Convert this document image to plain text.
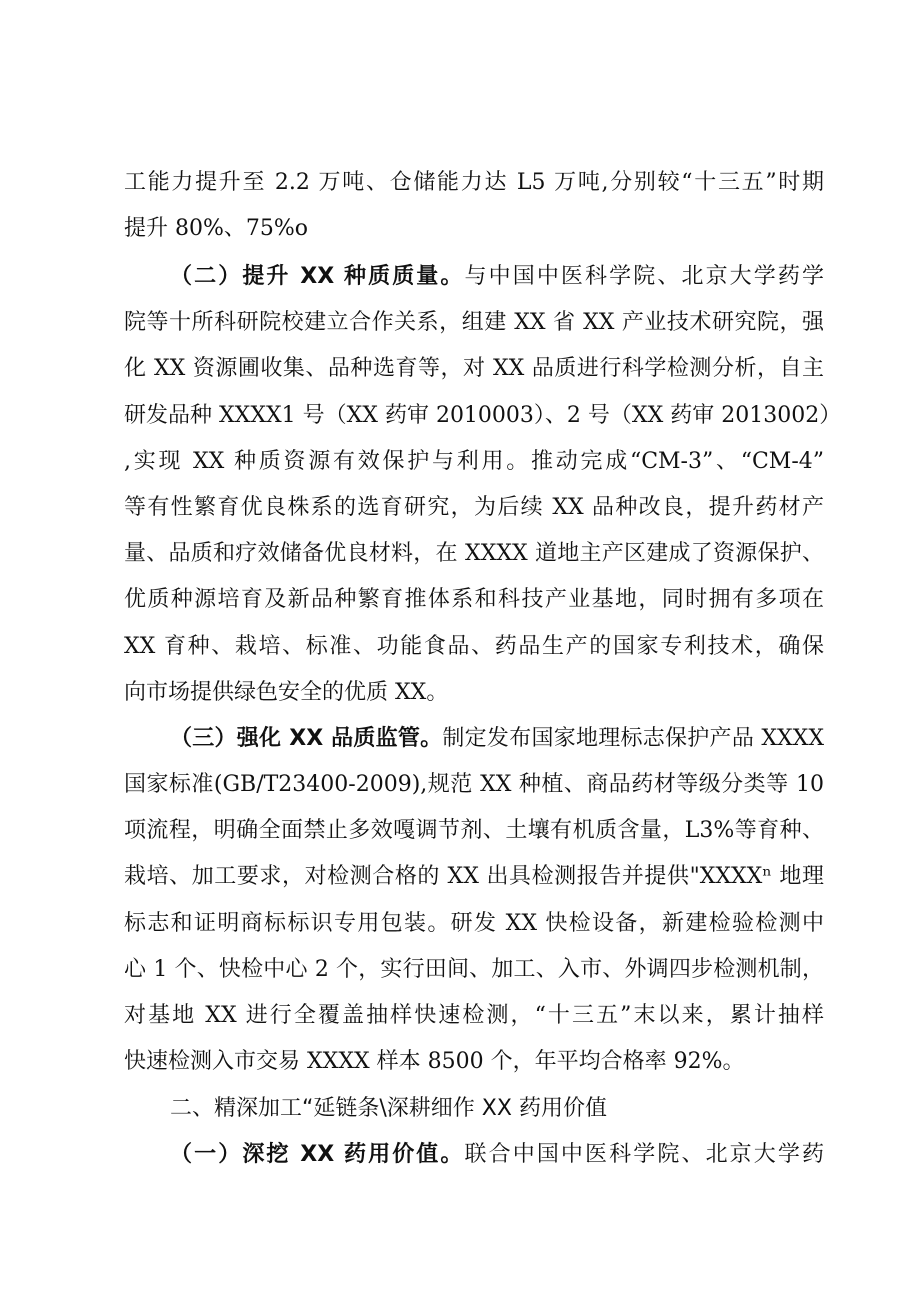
工能力提升至 2.2 万吨、仓储能力达 L5 万吨,分别较“十三五”时期
提升 80%、75%o
（二）提升 XX 种质质量。与中国中医科学院、北京大学药学
院等十所科研院校建立合作关系，组建 XX 省 XX 产业技术研究院，强
化 XX 资源圃收集、品种选育等，对 XX 品质进行科学检测分析，自主
研发品种 XXXX1 号（XX 药审 2010003）、2 号（XX 药审 2013002）
,实现 XX 种质资源有效保护与利用。推动完成“CM-3”、“CM-4”
等有性繁育优良株系的选育研究，为后续 XX 品种改良，提升药材产
量、品质和疗效储备优良材料，在 XXXX 道地主产区建成了资源保护、
优质种源培育及新品种繁育推体系和科技产业基地，同时拥有多项在
XX 育种、栽培、标准、功能食品、药品生产的国家专利技术，确保
向市场提供绿色安全的优质 XX。
（三）强化 XX 品质监管。制定发布国家地理标志保护产品 XXXX
国家标准(GB/T23400-2009),规范 XX 种植、商品药材等级分类等 10
项流程，明确全面禁止多效嘎调节剂、土壤有机质含量，L3%等育种、
栽培、加工要求，对检测合格的 XX 出具检测报告并提供"XXXXⁿ 地理
标志和证明商标标识专用包装。研发 XX 快检设备，新建检验检测中
心 1 个、快检中心 2 个，实行田间、加工、入市、外调四步检测机制，
对基地 XX 进行全覆盖抽样快速检测，“十三五”末以来，累计抽样
快速检测入市交易 XXXX 样本 8500 个，年平均合格率 92%。
二、精深加工“延链条\深耕细作 XX 药用价值
（一）深挖 XX 药用价值。联合中国中医科学院、北京大学药
